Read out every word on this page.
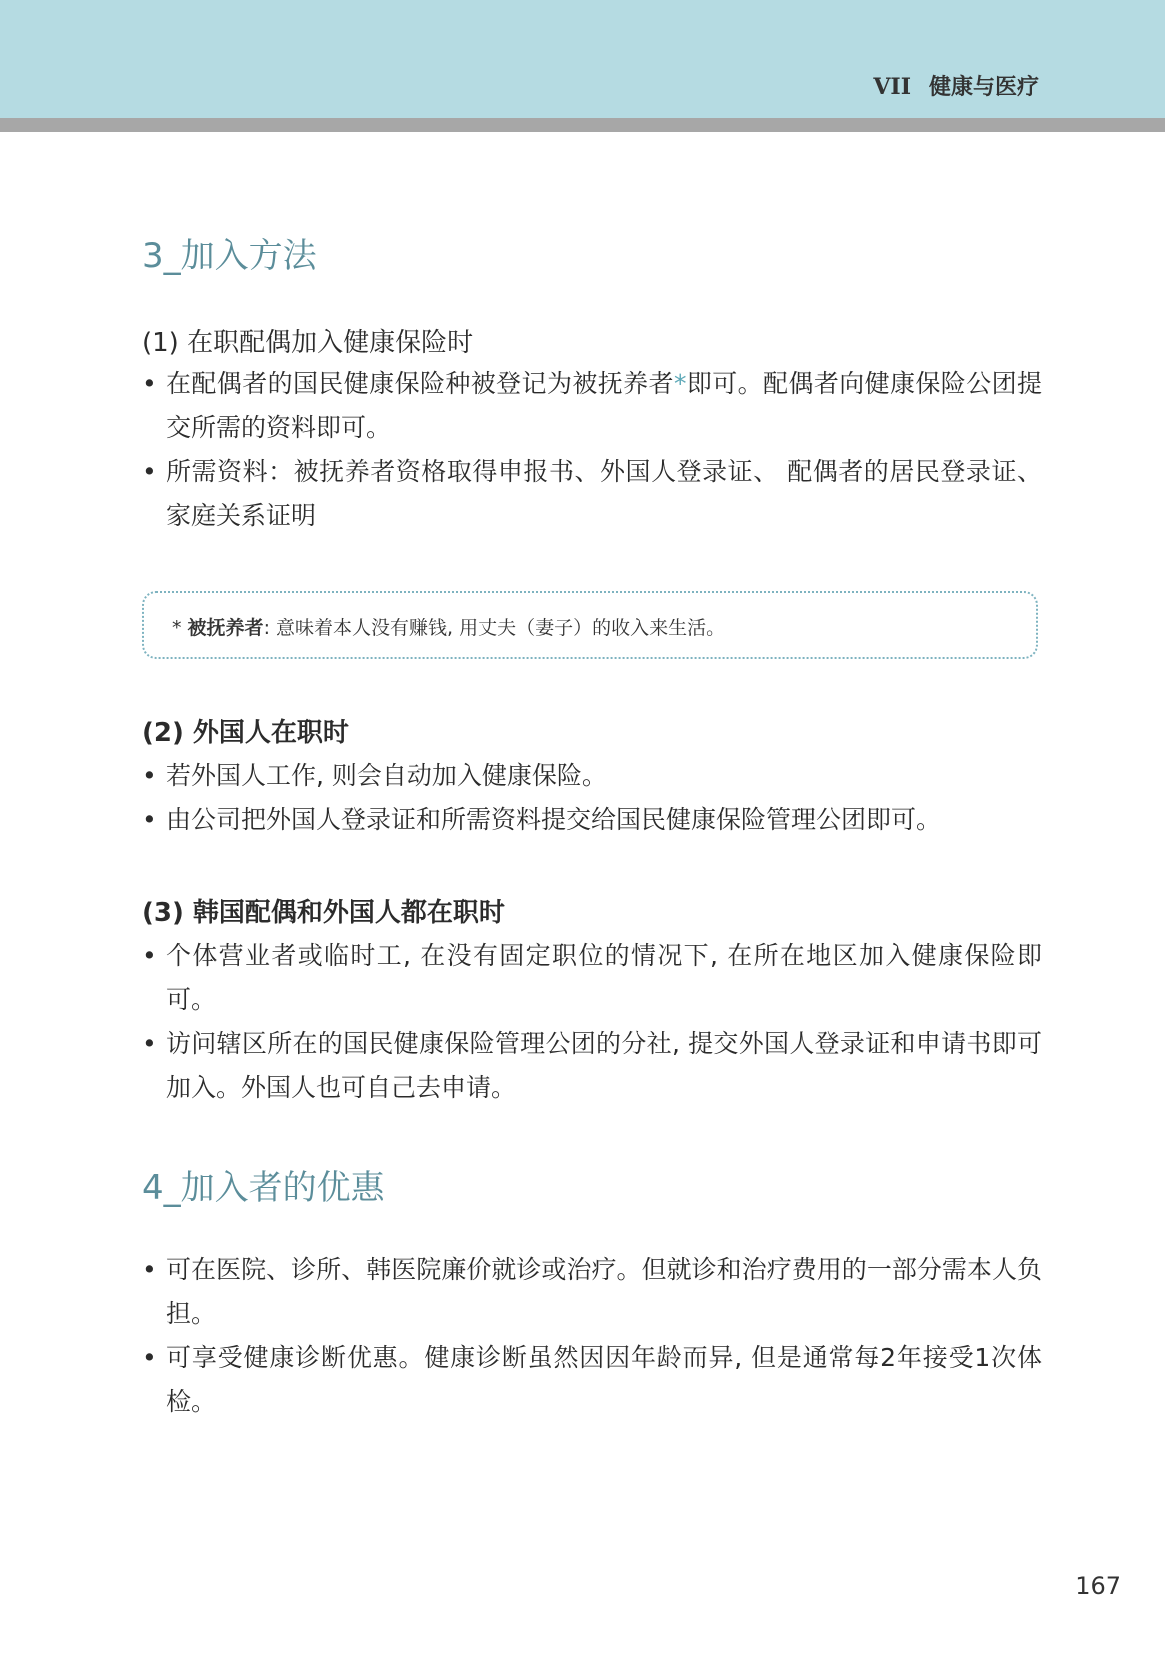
VII 健康与医疗
3_加入方法
(1) 在职配偶加入健康保险时
• 在配偶者的国民健康保险种被登记为被抚养者*即可。配偶者向健康保险公团提交所需的资料即可。
• 所需资料：被抚养者资格取得申报书、外国人登录证、 配偶者的居民登录证、 家庭关系证明
* 被抚养者: 意味着本人没有赚钱, 用丈夫（妻子）的收入来生活。
(2) 外国人在职时
• 若外国人工作, 则会自动加入健康保险。
• 由公司把外国人登录证和所需资料提交给国民健康保险管理公团即可。
(3) 韩国配偶和外国人都在职时
• 个体营业者或临时工, 在没有固定职位的情况下, 在所在地区加入健康保险即可。
• 访问辖区所在的国民健康保险管理公团的分社, 提交外国人登录证和申请书即可加入。外国人也可自己去申请。
4_加入者的优惠
• 可在医院、诊所、韩医院廉价就诊或治疗。但就诊和治疗费用的一部分需本人负担。
• 可享受健康诊断优惠。健康诊断虽然因因年龄而异, 但是通常每2年接受1次体检。
167
